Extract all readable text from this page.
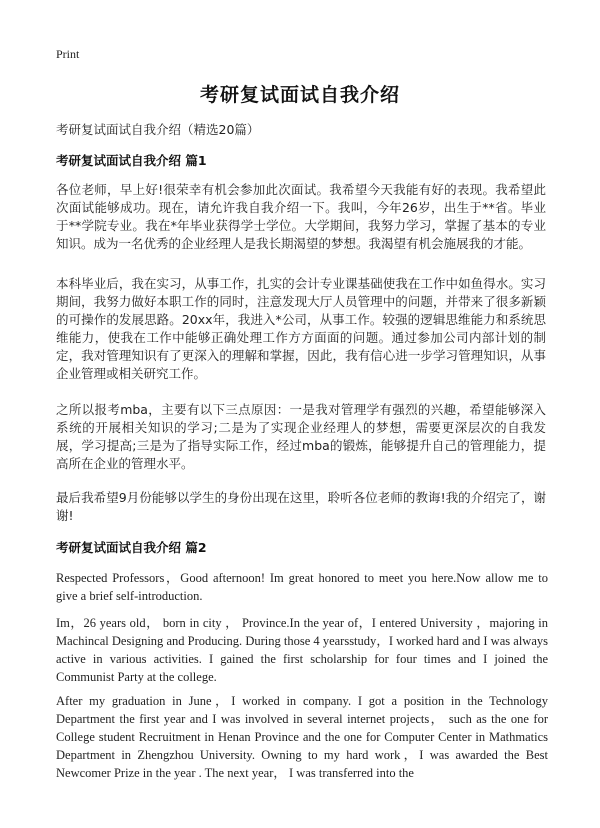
Print
考研复试面试自我介绍
考研复试面试自我介绍（精选20篇）
考研复试面试自我介绍 篇1
各位老师，早上好!很荣幸有机会参加此次面试。我希望今天我能有好的表现。我希望此次面试能够成功。现在，请允许我自我介绍一下。我叫，今年26岁，出生于**省。毕业于**学院专业。我在*年毕业获得学士学位。大学期间，我努力学习，掌握了基本的专业知识。成为一名优秀的企业经理人是我长期渴望的梦想。我渴望有机会施展我的才能。
本科毕业后，我在实习，从事工作，扎实的会计专业课基础使我在工作中如鱼得水。实习期间，我努力做好本职工作的同时，注意发现大厅人员管理中的问题，并带来了很多新颖的可操作的发展思路。20xx年，我进入*公司，从事工作。较强的逻辑思维能力和系统思维能力，使我在工作中能够正确处理工作方方面面的问题。通过参加公司内部计划的制定，我对管理知识有了更深入的理解和掌握，因此，我有信心进一步学习管理知识，从事企业管理或相关研究工作。
之所以报考mba，主要有以下三点原因：一是我对管理学有强烈的兴趣，希望能够深入系统的开展相关知识的学习;二是为了实现企业经理人的梦想，需要更深层次的自我发展，学习提高;三是为了指导实际工作，经过mba的锻炼，能够提升自己的管理能力，提高所在企业的管理水平。
最后我希望9月份能够以学生的身份出现在这里，聆听各位老师的教诲!我的介绍完了，谢谢!
考研复试面试自我介绍 篇2
Respected Professors，Good afternoon! Im great honored to meet you here.Now allow me to give a brief self-introduction.
Im，26 years old， born in city ， Province.In the year of，I entered University ，majoring in Machincal Designing and Producing. During those 4 yearsstudy，I worked hard and I was always active in various activities. I gained the first scholarship for four times and I joined the Communist Party at the college.
After my graduation in June，I worked in company. I got a position in the Technology Department the first year and I was involved in several internet projects， such as the one for College student Recruitment in Henan Province and the one for Computer Center in Mathmatics Department in Zhengzhou University. Owning to my hard work，I was awarded the Best Newcomer Prize in the year . The next year， I was transferred into the
